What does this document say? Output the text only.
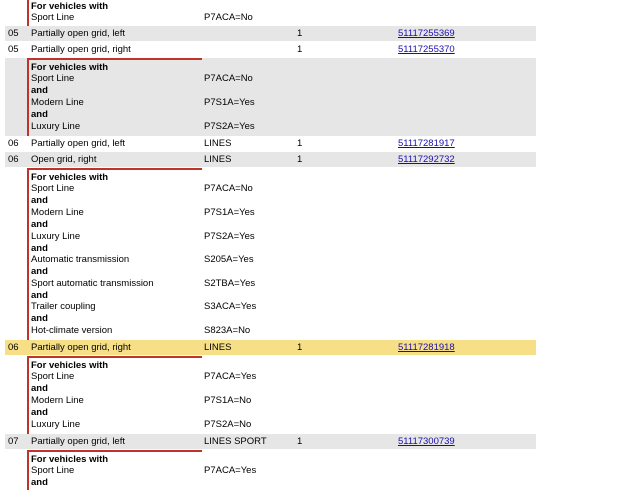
For vehicles with
Sport Line	P7ACA=No
05 Partially open grid, left	1	51117255369
05 Partially open grid, right	1	51117255370
For vehicles with
Sport Line	P7ACA=No
and
Modern Line	P7S1A=Yes
and
Luxury Line	P7S2A=Yes
06 Partially open grid, left	LINES	1	51117281917
06 Open grid, right	LINES	1	51117292732
For vehicles with
Sport Line	P7ACA=No
and
Modern Line	P7S1A=Yes
and
Luxury Line	P7S2A=Yes
and
Automatic transmission	S205A=Yes
and
Sport automatic transmission	S2TBA=Yes
and
Trailer coupling	S3ACA=Yes
and
Hot-climate version	S823A=No
06 Partially open grid, right	LINES	1	51117281918
For vehicles with
Sport Line	P7ACA=Yes
and
Modern Line	P7S1A=No
and
Luxury Line	P7S2A=No
07 Partially open grid, left	LINES SPORT	1	51117300739
For vehicles with
Sport Line	P7ACA=Yes
and
